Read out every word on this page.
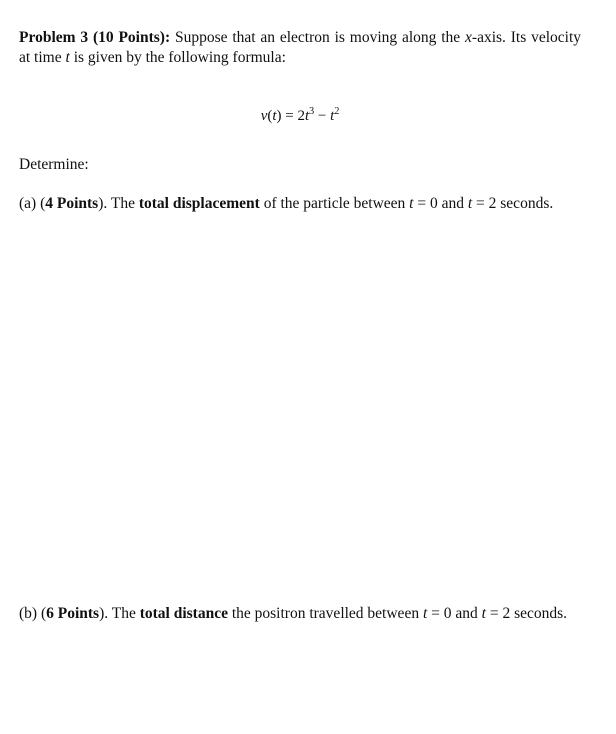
Problem 3 (10 Points): Suppose that an electron is moving along the x-axis. Its velocity at time t is given by the following formula:
$v(t) = 2t^3 - t^2$
Determine:
(a) (4 Points). The total displacement of the particle between t = 0 and t = 2 seconds.
(b) (6 Points). The total distance the positron travelled between t = 0 and t = 2 seconds.
